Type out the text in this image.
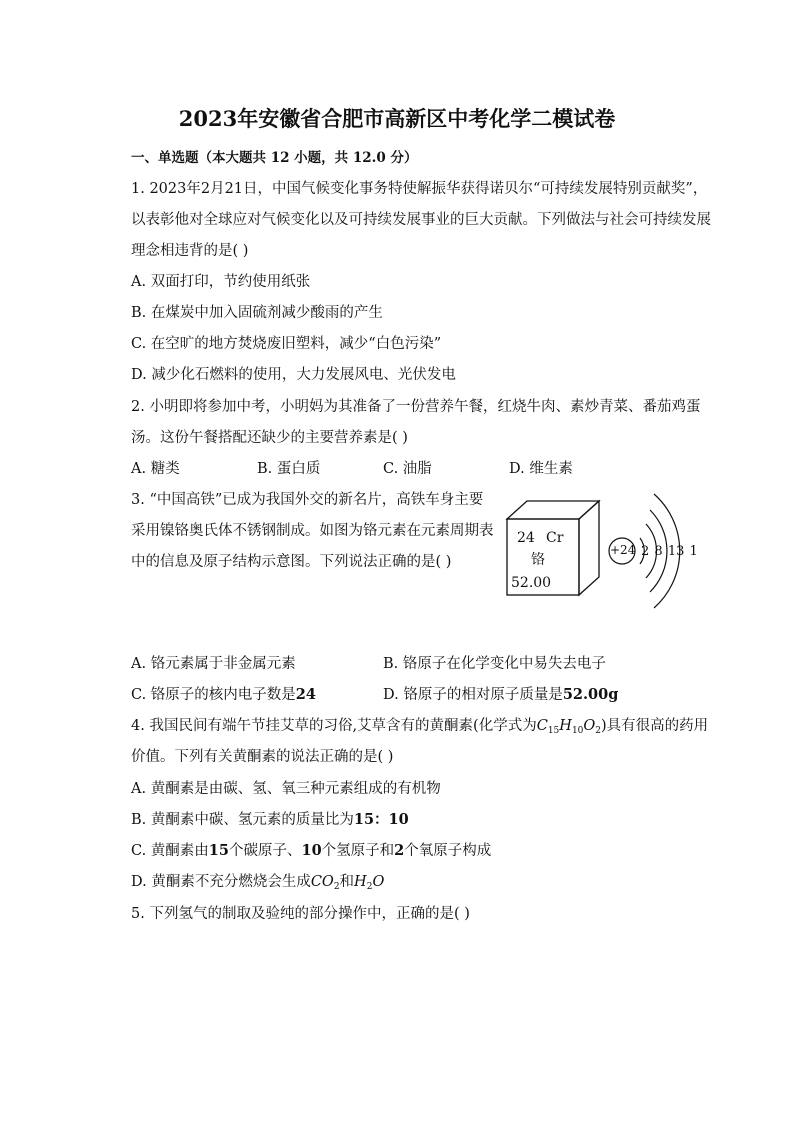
2023年安徽省合肥市高新区中考化学二模试卷
一、单选题（本大题共 12 小题，共 12.0 分）
1. 2023年2月21日，中国气候变化事务特使解振华获得诺贝尔“可持续发展特别贡献奖”，
以表彰他对全球应对气候变化以及可持续发展事业的巨大贡献。下列做法与社会可持续发展
理念相违背的是( )
A. 双面打印，节约使用纸张
B. 在煤炭中加入固硫剂减少酸雨的产生
C. 在空旷的地方焚烧废旧塑料，减少“白色污染”
D. 减少化石燃料的使用，大力发展风电、光伏发电
2. 小明即将参加中考，小明妈为其准备了一份营养午餐，红烧牛肉、素炒青菜、番茄鸡蛋
汤。这份午餐搭配还缺少的主要营养素是( )
A. 糖类	B. 蛋白质	C. 油脂	D. 维生素
3. “中国高铁”已成为我国外交的新名片，高铁车身主要
采用镍铬奥氏体不锈钢制成。如图为铬元素在元素周期表
中的信息及原子结构示意图。下列说法正确的是( )
24 Cr
铬
52.00
+24 2 8 13 1
A. 铬元素属于非金属元素	B. 铬原子在化学变化中易失去电子
C. 铬原子的核内电子数是24	D. 铬原子的相对原子质量是52.00g
4. 我国民间有端午节挂艾草的习俗,艾草含有的黄酮素(化学式为$C_{15}H_{10}O_2$)具有很高的药用
价值。下列有关黄酮素的说法正确的是( )
A. 黄酮素是由碳、氢、氧三种元素组成的有机物
B. 黄酮素中碳、氢元素的质量比为15：10
C. 黄酮素由15个碳原子、10个氢原子和2个氧原子构成
D. 黄酮素不充分燃烧会生成$CO_2$和$H_2O$
5. 下列氢气的制取及验纯的部分操作中，正确的是( )
